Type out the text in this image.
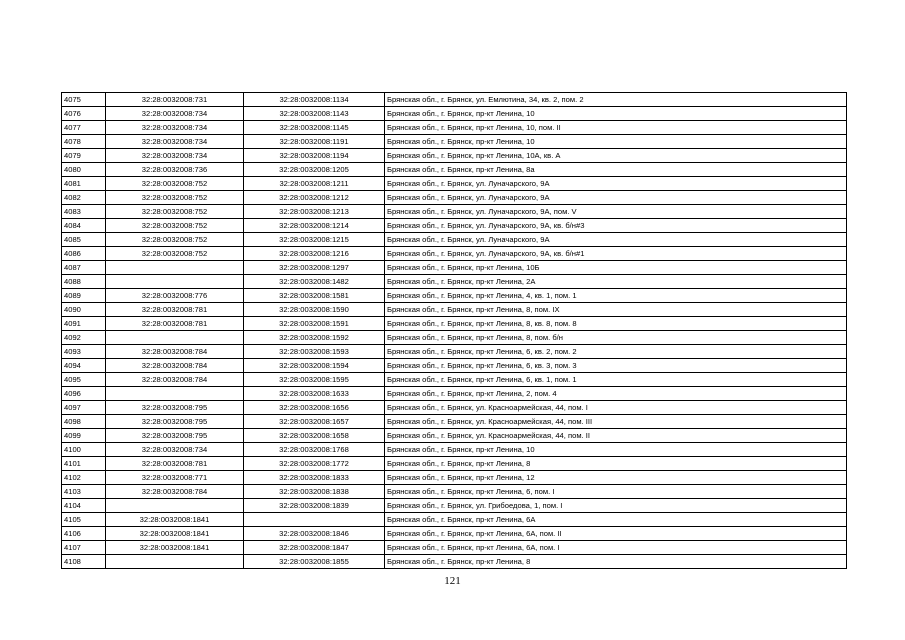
4075	32:28:0032008:731	32:28:0032008:1134	Брянская обл., г. Брянск, ул. Емлютина, 34, кв. 2, пом. 2
4076	32:28:0032008:734	32:28:0032008:1143	Брянская обл., г. Брянск, пр-кт Ленина, 10
4077	32:28:0032008:734	32:28:0032008:1145	Брянская обл., г. Брянск, пр-кт Ленина, 10, пом. II
4078	32:28:0032008:734	32:28:0032008:1191	Брянская обл., г. Брянск, пр-кт Ленина, 10
4079	32:28:0032008:734	32:28:0032008:1194	Брянская обл., г. Брянск, пр-кт Ленина, 10А, кв. А
4080	32:28:0032008:736	32:28:0032008:1205	Брянская обл., г. Брянск, пр-кт Ленина, 8а
4081	32:28:0032008:752	32:28:0032008:1211	Брянская обл., г. Брянск, ул. Луначарского, 9А
4082	32:28:0032008:752	32:28:0032008:1212	Брянская обл., г. Брянск, ул. Луначарского, 9А
4083	32:28:0032008:752	32:28:0032008:1213	Брянская обл., г. Брянск, ул. Луначарского, 9А, пом. V
4084	32:28:0032008:752	32:28:0032008:1214	Брянская обл., г. Брянск, ул. Луначарского, 9А, кв. б/н#3
4085	32:28:0032008:752	32:28:0032008:1215	Брянская обл., г. Брянск, ул. Луначарского, 9А
4086	32:28:0032008:752	32:28:0032008:1216	Брянская обл., г. Брянск, ул. Луначарского, 9А, кв. б/н#1
4087		32:28:0032008:1297	Брянская обл., г. Брянск, пр-кт Ленина, 10Б
4088		32:28:0032008:1482	Брянская обл., г. Брянск, пр-кт Ленина, 2А
4089	32:28:0032008:776	32:28:0032008:1581	Брянская обл., г. Брянск, пр-кт Ленина, 4, кв. 1, пом. 1
4090	32:28:0032008:781	32:28:0032008:1590	Брянская обл., г. Брянск, пр-кт Ленина, 8, пом. IX
4091	32:28:0032008:781	32:28:0032008:1591	Брянская обл., г. Брянск, пр-кт Ленина, 8, кв. 8, пом. 8
4092		32:28:0032008:1592	Брянская обл., г. Брянск, пр-кт Ленина, 8, пом. б/н
4093	32:28:0032008:784	32:28:0032008:1593	Брянская обл., г. Брянск, пр-кт Ленина, 6, кв. 2, пом. 2
4094	32:28:0032008:784	32:28:0032008:1594	Брянская обл., г. Брянск, пр-кт Ленина, 6, кв. 3, пом. 3
4095	32:28:0032008:784	32:28:0032008:1595	Брянская обл., г. Брянск, пр-кт Ленина, 6, кв. 1, пом. 1
4096		32:28:0032008:1633	Брянская обл., г. Брянск, пр-кт Ленина, 2, пом. 4
4097	32:28:0032008:795	32:28:0032008:1656	Брянская обл., г. Брянск, ул. Красноармейская, 44, пом. I
4098	32:28:0032008:795	32:28:0032008:1657	Брянская обл., г. Брянск, ул. Красноармейская, 44, пом. III
4099	32:28:0032008:795	32:28:0032008:1658	Брянская обл., г. Брянск, ул. Красноармейская, 44, пом. II
4100	32:28:0032008:734	32:28:0032008:1768	Брянская обл., г. Брянск, пр-кт Ленина, 10
4101	32:28:0032008:781	32:28:0032008:1772	Брянская обл., г. Брянск, пр-кт Ленина, 8
4102	32:28:0032008:771	32:28:0032008:1833	Брянская обл., г. Брянск, пр-кт Ленина, 12
4103	32:28:0032008:784	32:28:0032008:1838	Брянская обл., г. Брянск, пр-кт Ленина, 6, пом. I
4104		32:28:0032008:1839	Брянская обл., г. Брянск, ул. Грибоедова, 1, пом. I
4105	32:28:0032008:1841		Брянская обл., г. Брянск, пр-кт Ленина, 6А
4106	32:28:0032008:1841	32:28:0032008:1846	Брянская обл., г. Брянск, пр-кт Ленина, 6А, пом. II
4107	32:28:0032008:1841	32:28:0032008:1847	Брянская обл., г. Брянск, пр-кт Ленина, 6А, пом. I
4108		32:28:0032008:1855	Брянская обл., г. Брянск, пр-кт Ленина, 8
121
